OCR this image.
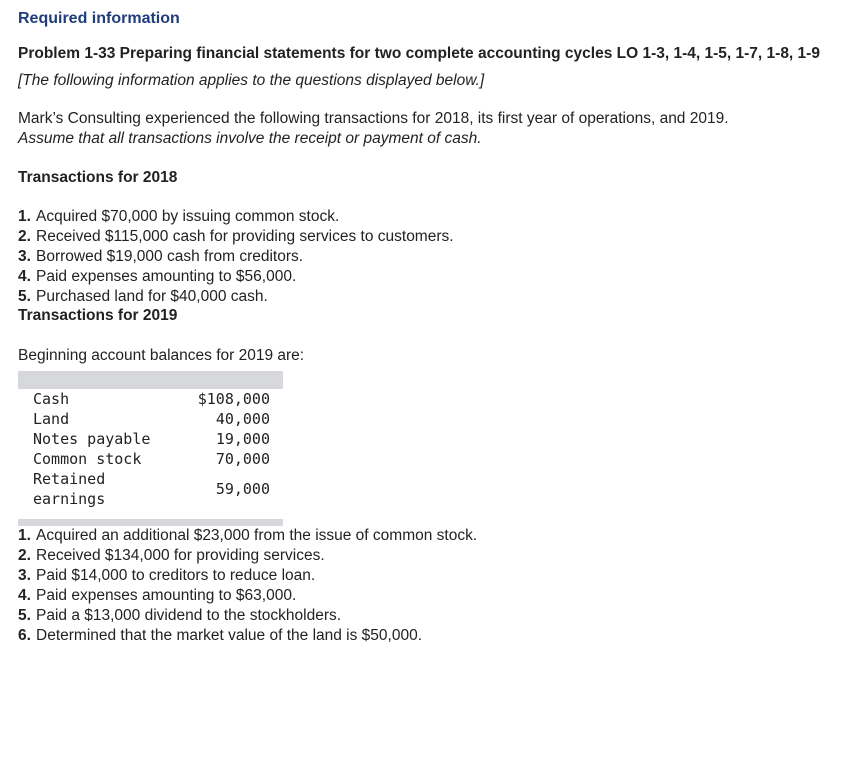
Required information
Problem 1-33 Preparing financial statements for two complete accounting cycles LO 1-3, 1-4, 1-5, 1-7, 1-8, 1-9
[The following information applies to the questions displayed below.]
Mark’s Consulting experienced the following transactions for 2018, its first year of operations, and 2019.
Assume that all transactions involve the receipt or payment of cash.
Transactions for 2018
1. Acquired $70,000 by issuing common stock.
2. Received $115,000 cash for providing services to customers.
3. Borrowed $19,000 cash from creditors.
4. Paid expenses amounting to $56,000.
5. Purchased land for $40,000 cash.
Transactions for 2019
Beginning account balances for 2019 are:
Cash	$108,000
Land	40,000
Notes payable	19,000
Common stock	70,000

Retained
earnings	59,000
1. Acquired an additional $23,000 from the issue of common stock.
2. Received $134,000 for providing services.
3. Paid $14,000 to creditors to reduce loan.
4. Paid expenses amounting to $63,000.
5. Paid a $13,000 dividend to the stockholders.
6. Determined that the market value of the land is $50,000.
